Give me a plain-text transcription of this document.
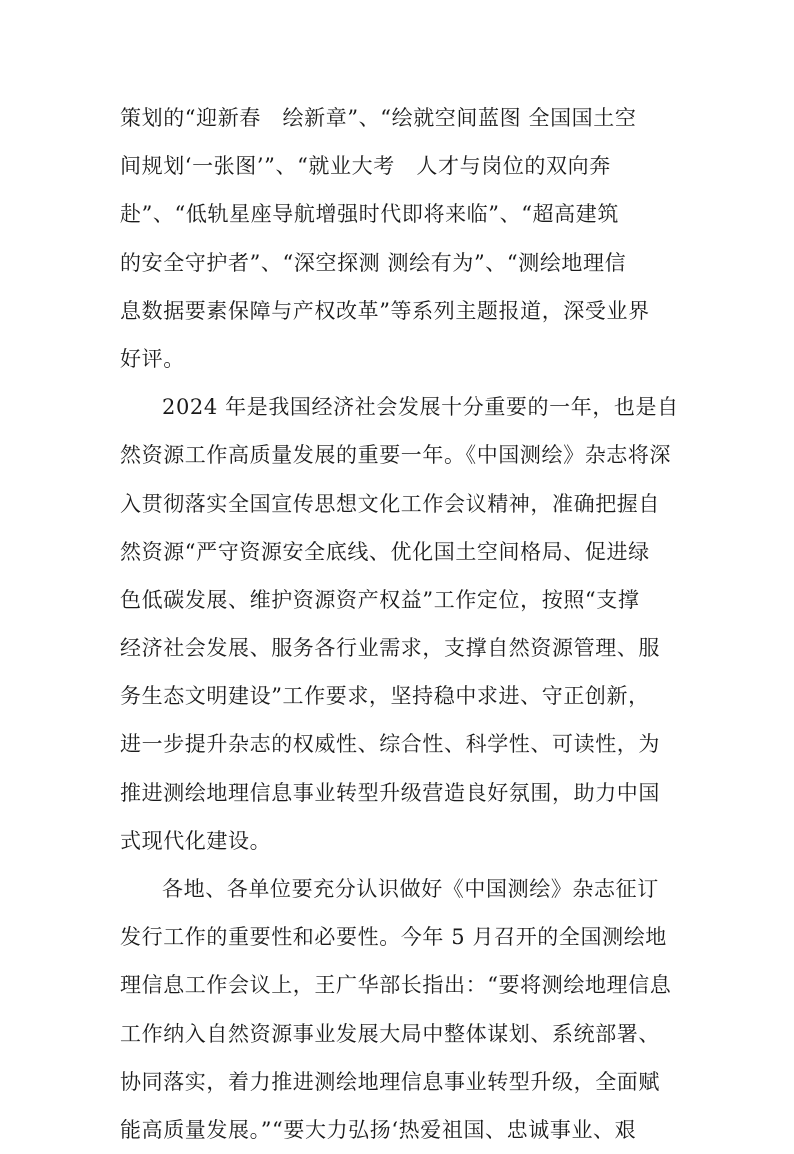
策划的“迎新春　绘新章”、“绘就空间蓝图 全国国土空
间规划‘一张图’”、“就业大考　人才与岗位的双向奔
赴”、“低轨星座导航增强时代即将来临”、“超高建筑
的安全守护者”、“深空探测 测绘有为”、“测绘地理信
息数据要素保障与产权改革”等系列主题报道，深受业界
好评。
2024 年是我国经济社会发展十分重要的一年，也是自
然资源工作高质量发展的重要一年。《中国测绘》杂志将深
入贯彻落实全国宣传思想文化工作会议精神，准确把握自
然资源“严守资源安全底线、优化国土空间格局、促进绿
色低碳发展、维护资源资产权益”工作定位，按照“支撑
经济社会发展、服务各行业需求，支撑自然资源管理、服
务生态文明建设”工作要求，坚持稳中求进、守正创新，
进一步提升杂志的权威性、综合性、科学性、可读性，为
推进测绘地理信息事业转型升级营造良好氛围，助力中国
式现代化建设。
各地、各单位要充分认识做好《中国测绘》杂志征订
发行工作的重要性和必要性。今年 5 月召开的全国测绘地
理信息工作会议上，王广华部长指出：“要将测绘地理信息
工作纳入自然资源事业发展大局中整体谋划、系统部署、
协同落实，着力推进测绘地理信息事业转型升级，全面赋
能高质量发展。”“要大力弘扬‘热爱祖国、忠诚事业、艰
